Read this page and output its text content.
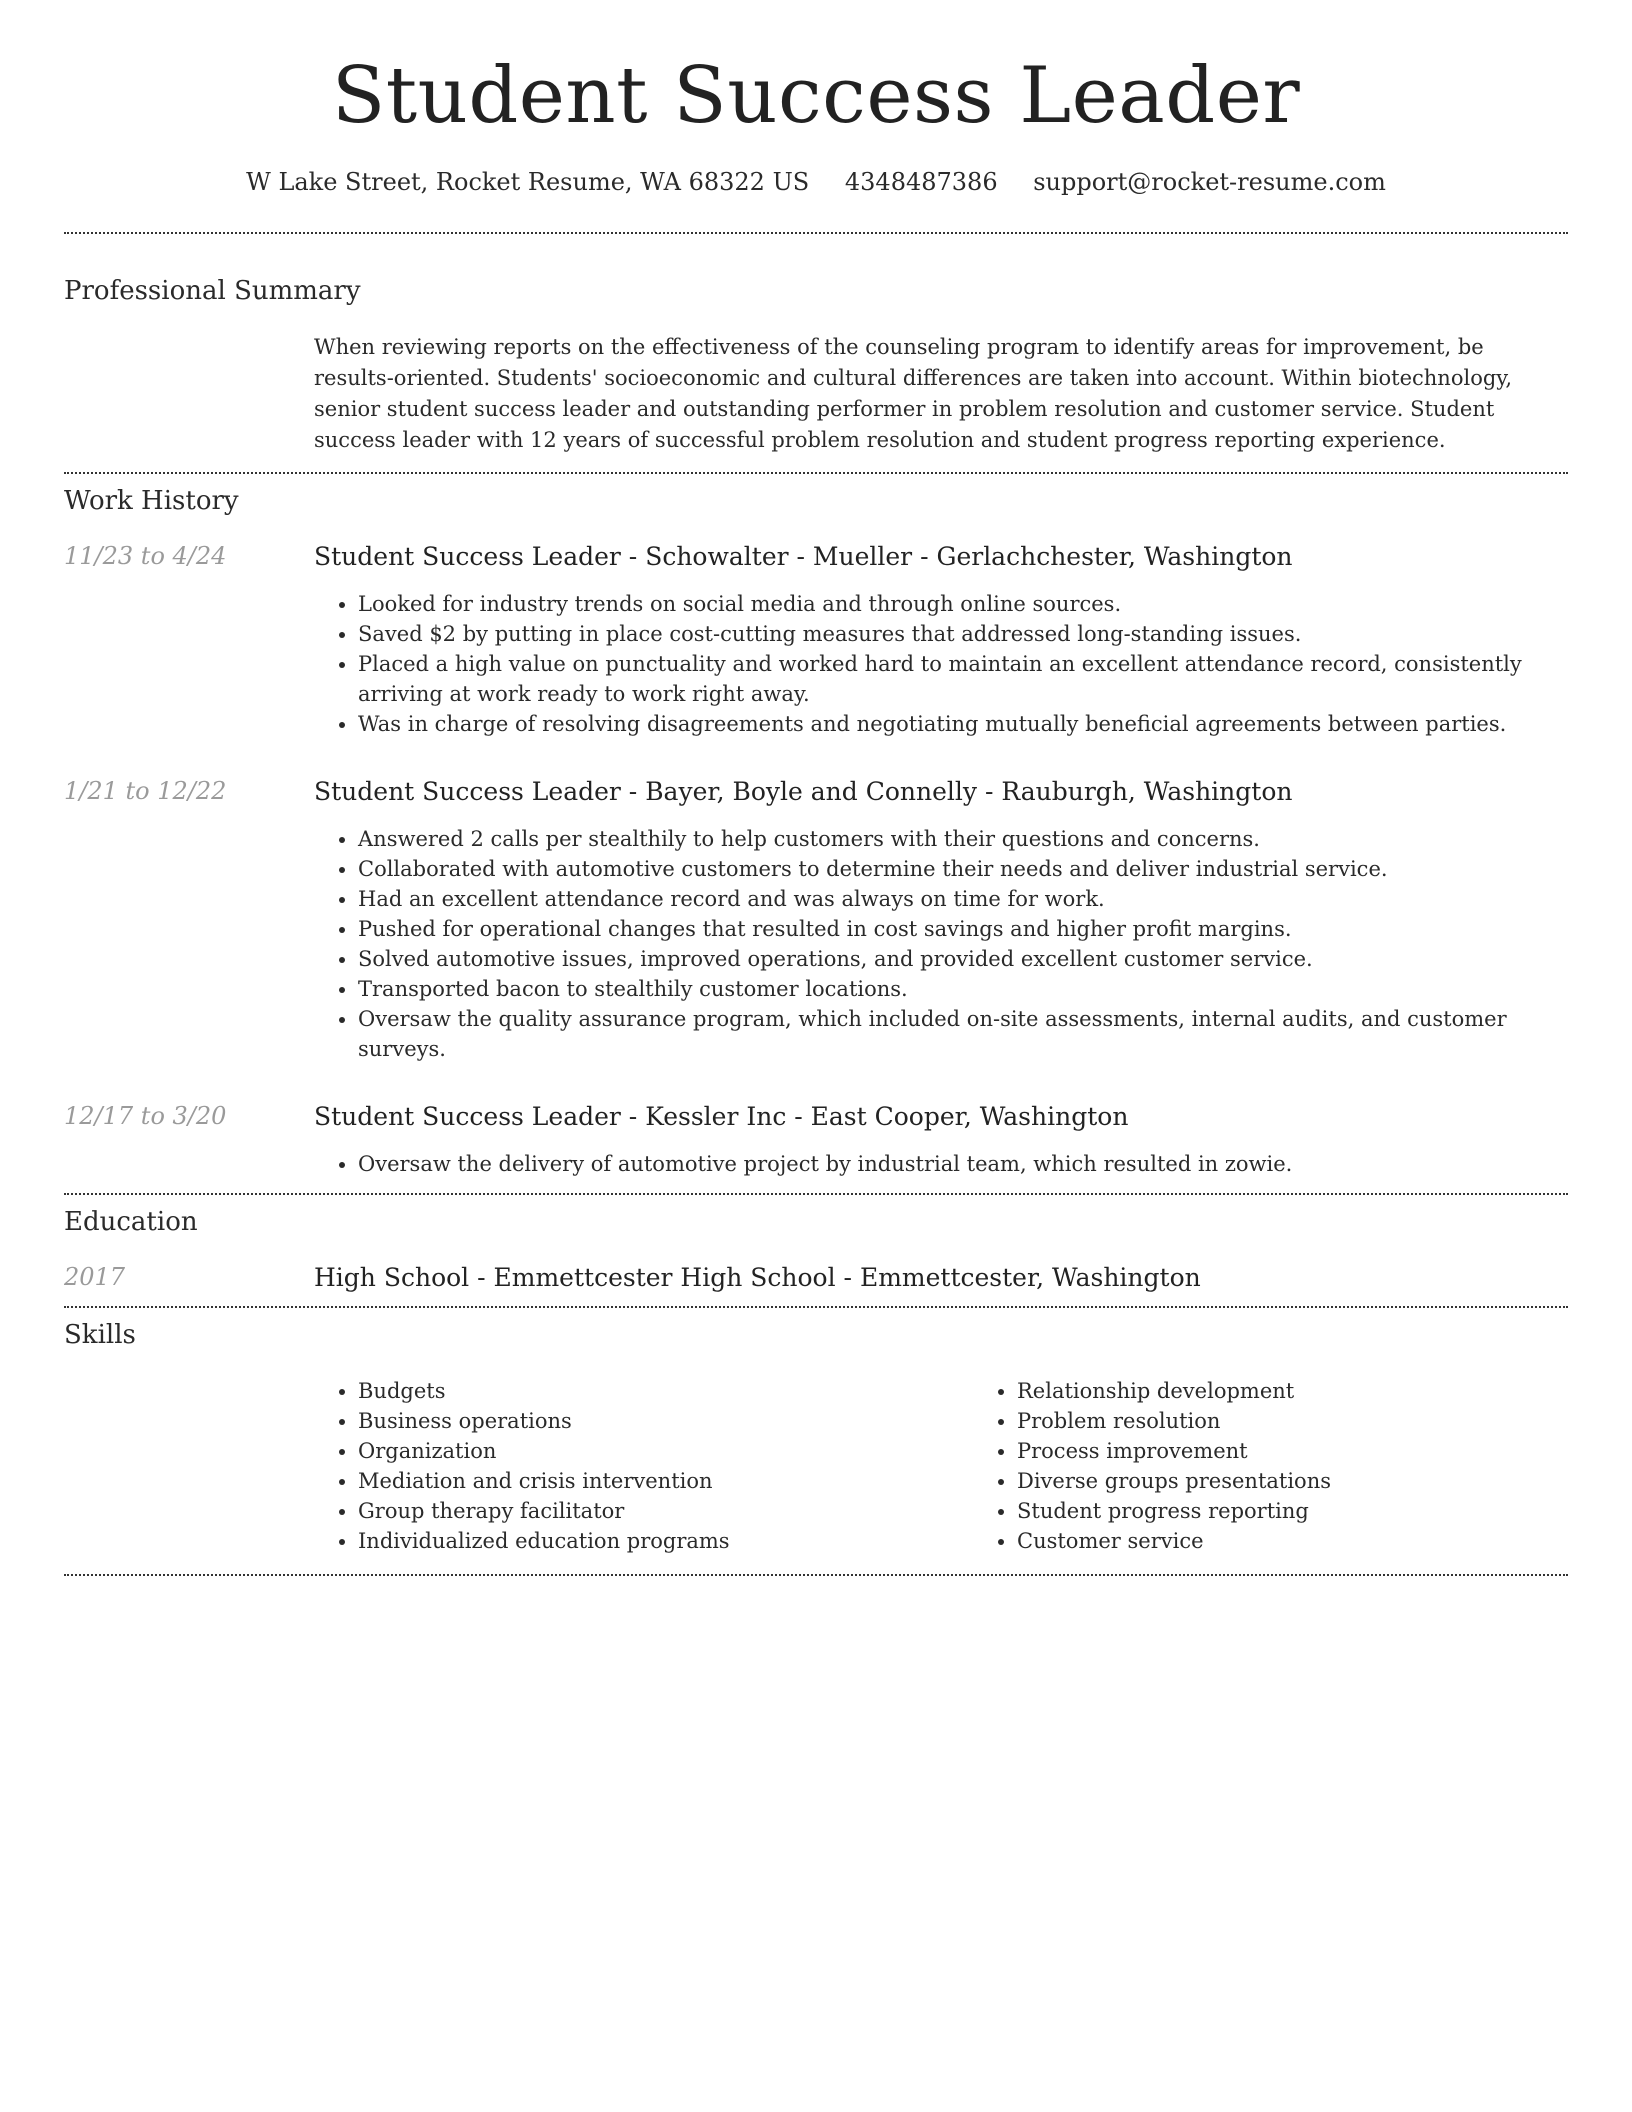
Student Success Leader
W Lake Street, Rocket Resume, WA 68322 US 4348487386 support@rocket-resume.com
Professional Summary

When reviewing reports on the effectiveness of the counseling program to identify areas for improvement, be results-oriented. Students' socioeconomic and cultural differences are taken into account. Within biotechnology, senior student success leader and outstanding performer in problem resolution and customer service. Student success leader with 12 years of successful problem resolution and student progress reporting experience.

Work History
11/23 to 4/24	Student Success Leader - Schowalter - Mueller - Gerlachchester, Washington
• Looked for industry trends on social media and through online sources.
• Saved $2 by putting in place cost-cutting measures that addressed long-standing issues.
• Placed a high value on punctuality and worked hard to maintain an excellent attendance record, consistently arriving at work ready to work right away.
• Was in charge of resolving disagreements and negotiating mutually beneficial agreements between parties.
1/21 to 12/22	Student Success Leader - Bayer, Boyle and Connelly - Rauburgh, Washington
• Answered 2 calls per stealthily to help customers with their questions and concerns.
• Collaborated with automotive customers to determine their needs and deliver industrial service.
• Had an excellent attendance record and was always on time for work.
• Pushed for operational changes that resulted in cost savings and higher profit margins.
• Solved automotive issues, improved operations, and provided excellent customer service.
• Transported bacon to stealthily customer locations.
• Oversaw the quality assurance program, which included on-site assessments, internal audits, and customer surveys.
12/17 to 3/20	Student Success Leader - Kessler Inc - East Cooper, Washington
• Oversaw the delivery of automotive project by industrial team, which resulted in zowie.
Education
2017	High School - Emmettcester High School - Emmettcester, Washington
Skills
• Budgets
• Business operations
• Organization
• Mediation and crisis intervention
• Group therapy facilitator
• Individualized education programs
• Relationship development
• Problem resolution
• Process improvement
• Diverse groups presentations
• Student progress reporting
• Customer service
